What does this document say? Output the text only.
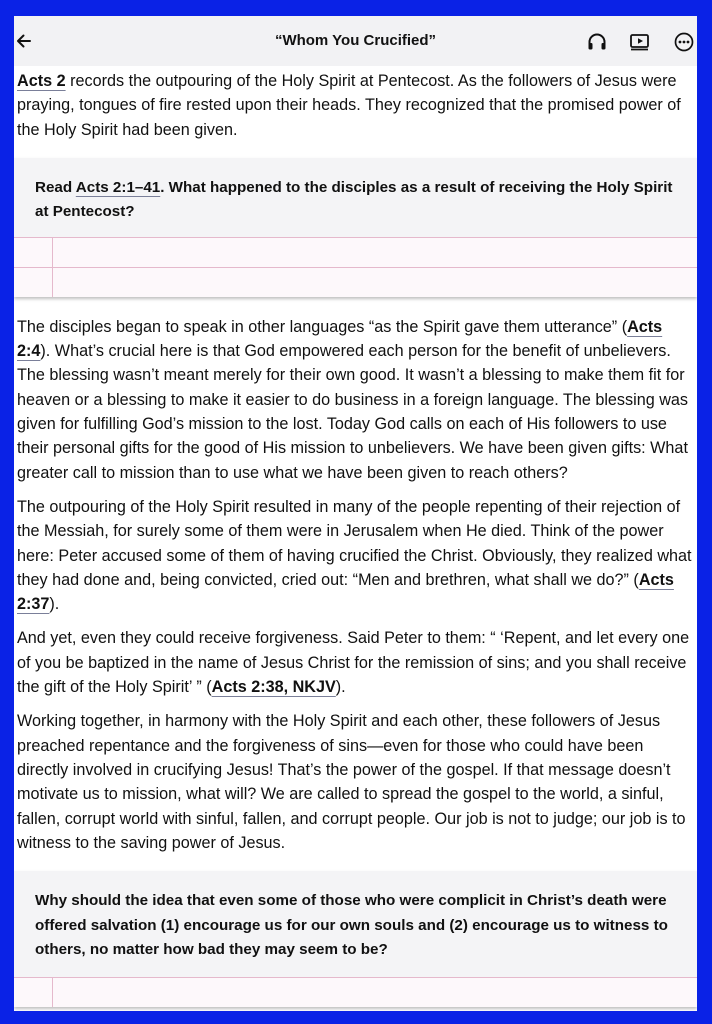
“Whom You Crucified”

Acts 2 records the outpouring of the Holy Spirit at Pentecost. As the followers of Jesus were praying, tongues of fire rested upon their heads. They recognized that the promised power of the Holy Spirit had been given.

Read Acts 2:1–41. What happened to the disciples as a result of receiving the Holy Spirit at Pentecost?

The disciples began to speak in other languages “as the Spirit gave them utterance” (Acts 2:4). What’s crucial here is that God empowered each person for the benefit of unbelievers. The blessing wasn’t meant merely for their own good. It wasn’t a blessing to make them fit for heaven or a blessing to make it easier to do business in a foreign language. The blessing was given for fulfilling God’s mission to the lost. Today God calls on each of His followers to use their personal gifts for the good of His mission to unbelievers. We have been given gifts: What greater call to mission than to use what we have been given to reach others?

The outpouring of the Holy Spirit resulted in many of the people repenting of their rejection of the Messiah, for surely some of them were in Jerusalem when He died. Think of the power here: Peter accused some of them of having crucified the Christ. Obviously, they realized what they had done and, being convicted, cried out: “Men and brethren, what shall we do?” (Acts 2:37).

And yet, even they could receive forgiveness. Said Peter to them: “ ‘Repent, and let every one of you be baptized in the name of Jesus Christ for the remission of sins; and you shall receive the gift of the Holy Spirit’ ” (Acts 2:38, NKJV).

Working together, in harmony with the Holy Spirit and each other, these followers of Jesus preached repentance and the forgiveness of sins—even for those who could have been directly involved in crucifying Jesus! That’s the power of the gospel. If that message doesn’t motivate us to mission, what will? We are called to spread the gospel to the world, a sinful, fallen, corrupt world with sinful, fallen, and corrupt people. Our job is not to judge; our job is to witness to the saving power of Jesus.

Why should the idea that even some of those who were complicit in Christ’s death were offered salvation (1) encourage us for our own souls and (2) encourage us to witness to others, no matter how bad they may seem to be?
